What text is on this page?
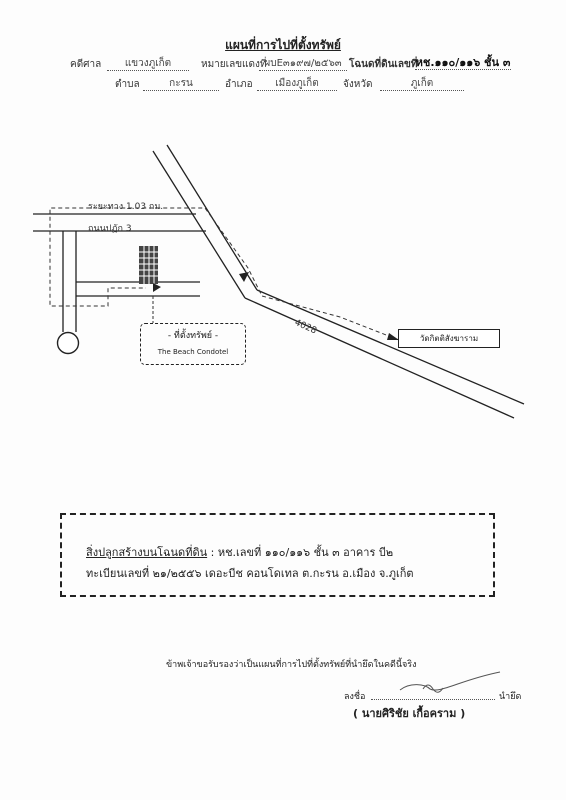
แผนที่การไปที่ตั้งทรัพย์
คดีศาล	แขวงภูเก็ต	หมายเลขแดงที่
ผบE๓๑๙๗/๒๕๖๓ โฉนดที่ดินเลขที่
หช.๑๑๐/๑๑๖ ชั้น ๓
ตำบล	กะรน	อำเภอ	เมืองภูเก็ต	จังหวัด	ภูเก็ต
ระยะทาง 1.03 กม.
ถนนปฏัก 3
4028
- ที่ตั้งทรัพย์ -
The Beach Condotel
วัดกิตติสังฆาราม
สิ่งปลูกสร้างบนโฉนดที่ดิน : หช.เลขที่ ๑๑๐/๑๑๖ ชั้น ๓ อาคาร บี๒
ทะเบียนเลขที่ ๒๑/๒๕๕๖ เดอะบีช คอนโดเทล ต.กะรน อ.เมือง จ.ภูเก็ต
ข้าพเจ้าขอรับรองว่าเป็นแผนที่การไปที่ตั้งทรัพย์ที่นำยึดในคดีนี้จริง
ลงชื่อ	นำยึด
( นายศิริชัย เกื้อคราม )
